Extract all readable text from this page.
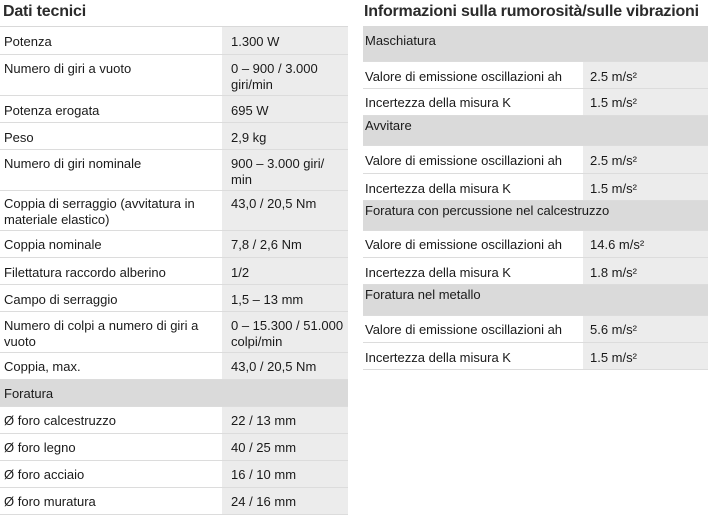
Dati tecnici
Potenza	1.300 W
Numero di giri a vuoto	0 – 900 / 3.000 giri/min
Potenza erogata	695 W
Peso	2,9 kg
Numero di giri nominale	900 – 3.000 giri/ min
Coppia di serraggio (avvitatura in materiale elastico)	43,0 / 20,5 Nm
Coppia nominale	7,8 / 2,6 Nm
Filettatura raccordo alberino	1/2
Campo di serraggio	1,5 – 13 mm
Numero di colpi a numero di giri a vuoto	0 – 15.300 / 51.000 colpi/min
Coppia, max.	43,0 / 20,5 Nm
Foratura	
Ø foro calcestruzzo	22 / 13 mm
Ø foro legno	40 / 25 mm
Ø foro acciaio	16 / 10 mm
Ø foro muratura	24 / 16 mm
Informazioni sulla rumorosità/sulle vibrazioni
Maschiatura	
Valore di emissione oscillazioni ah	2.5 m/s²
Incertezza della misura K	1.5 m/s²
Avvitare	
Valore di emissione oscillazioni ah	2.5 m/s²
Incertezza della misura K	1.5 m/s²
Foratura con percussione nel calcestruzzo	
Valore di emissione oscillazioni ah	14.6 m/s²
Incertezza della misura K	1.8 m/s²
Foratura nel metallo	
Valore di emissione oscillazioni ah	5.6 m/s²
Incertezza della misura K	1.5 m/s²
